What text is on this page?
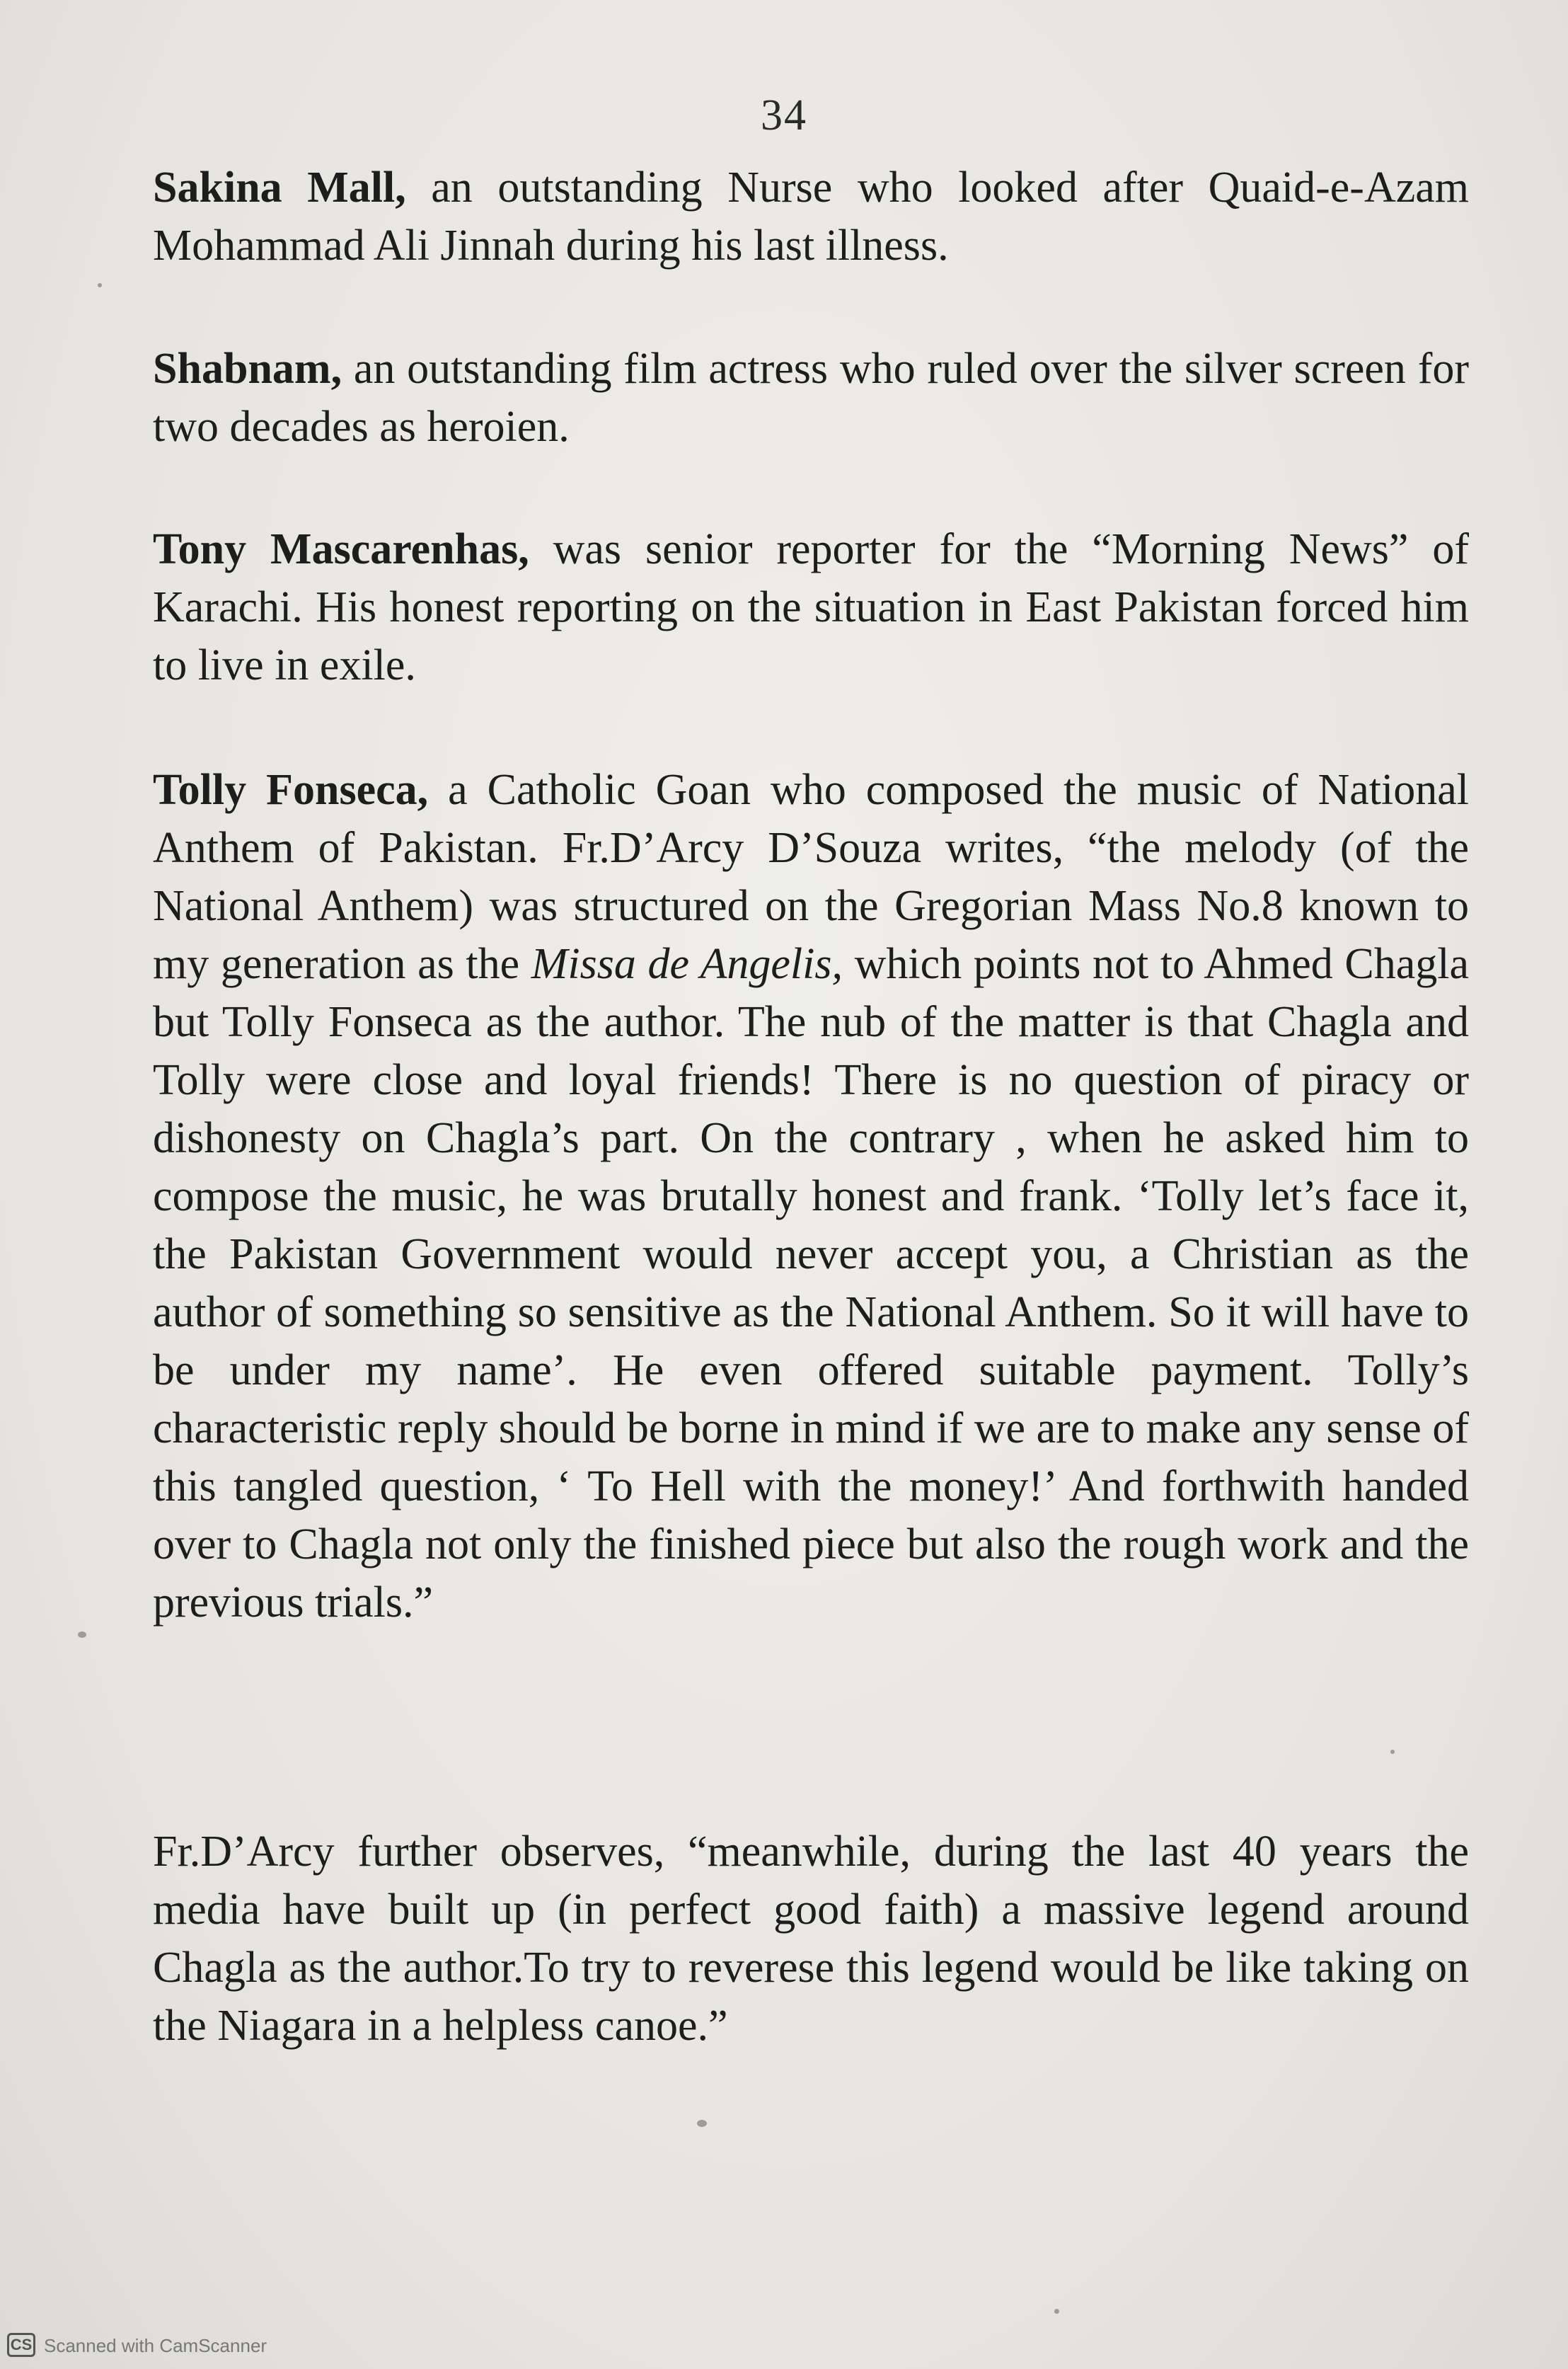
34

Sakina Mall, an outstanding Nurse who looked after Quaid-e-Azam Mohammad Ali Jinnah during his last illness.

Shabnam, an outstanding film actress who ruled over the silver screen for two decades as heroien.

Tony Mascarenhas, was senior reporter for the “Morning News” of Karachi. His honest reporting on the situation in East Pakistan forced him to live in exile.

Tolly Fonseca, a Catholic Goan who composed the music of National Anthem of Pakistan. Fr.D’Arcy D’Souza writes, “the melody (of the National Anthem) was structured on the Gregorian Mass No.8 known to my generation as the Missa de Angelis, which points not to Ahmed Chagla but Tolly Fonseca as the author. The nub of the matter is that Chagla and Tolly were close and loyal friends! There is no question of piracy or dishonesty on Chagla’s part. On the contrary , when he asked him to compose the music, he was brutally honest and frank. ‘Tolly let’s face it, the Pakistan Government would never accept you, a Christian as the author of something so sensitive as the National Anthem. So it will have to be under my name’. He even offered suitable payment. Tolly’s characteristic reply should be borne in mind if we are to make any sense of this tangled question, ‘ To Hell with the money!’ And forthwith handed over to Chagla not only the finished piece but also the rough work and the previous trials.”

Fr.D’Arcy further observes, “meanwhile, during the last 40 years the media have built up (in perfect good faith) a massive legend around Chagla as the author.To try to reverese this legend would be like taking on the Niagara in a helpless canoe.”

CS Scanned with CamScanner
